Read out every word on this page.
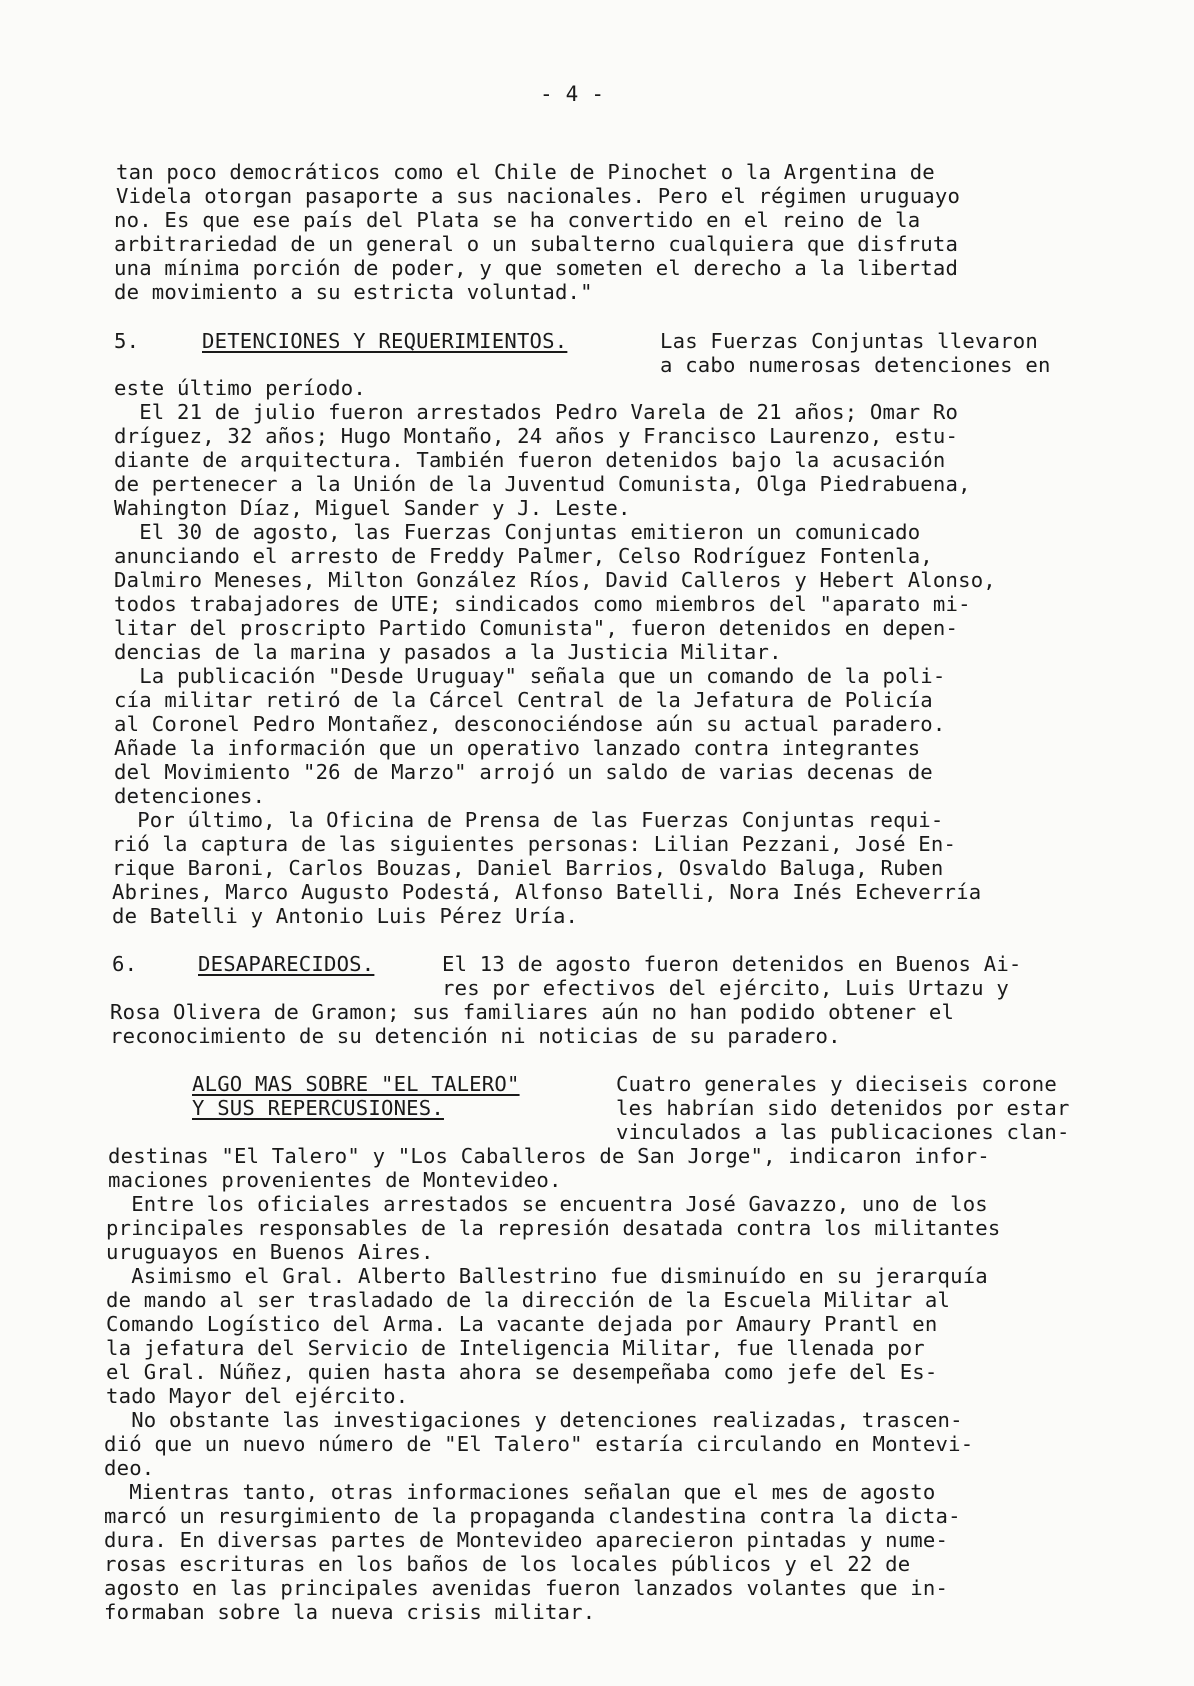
- 4 -
tan poco democráticos como el Chile de Pinochet o la Argentina de
Videla otorgan pasaporte a sus nacionales. Pero el régimen uruguayo
no. Es que ese país del Plata se ha convertido en el reino de la
arbitrariedad de un general o un subalterno cualquiera que disfruta
una mínima porción de poder, y que someten el derecho a la libertad
de movimiento a su estricta voluntad."
5.	DETENCIONES Y REQUERIMIENTOS.	Las Fuerzas Conjuntas llevaron
a cabo numerosas detenciones en
este último período.
El 21 de julio fueron arrestados Pedro Varela de 21 años; Omar Ro
dríguez, 32 años; Hugo Montaño, 24 años y Francisco Laurenzo, estu-
diante de arquitectura. También fueron detenidos bajo la acusación
de pertenecer a la Unión de la Juventud Comunista, Olga Piedrabuena,
Wahington Díaz, Miguel Sander y J. Leste.
El 30 de agosto, las Fuerzas Conjuntas emitieron un comunicado
anunciando el arresto de Freddy Palmer, Celso Rodríguez Fontenla,
Dalmiro Meneses, Milton González Ríos, David Calleros y Hebert Alonso,
todos trabajadores de UTE; sindicados como miembros del "aparato mi-
litar del proscripto Partido Comunista", fueron detenidos en depen-
dencias de la marina y pasados a la Justicia Militar.
La publicación "Desde Uruguay" señala que un comando de la poli-
cía militar retiró de la Cárcel Central de la Jefatura de Policía
al Coronel Pedro Montañez, desconociéndose aún su actual paradero.
Añade la información que un operativo lanzado contra integrantes
del Movimiento "26 de Marzo" arrojó un saldo de varias decenas de
detenciones.
Por último, la Oficina de Prensa de las Fuerzas Conjuntas requi-
rió la captura de las siguientes personas: Lilian Pezzani, José En-
rique Baroni, Carlos Bouzas, Daniel Barrios, Osvaldo Baluga, Ruben
Abrines, Marco Augusto Podestá, Alfonso Batelli, Nora Inés Echeverría
de Batelli y Antonio Luis Pérez Uría.
6.	DESAPARECIDOS.	El 13 de agosto fueron detenidos en Buenos Ai-
res por efectivos del ejército, Luis Urtazu y
Rosa Olivera de Gramon; sus familiares aún no han podido obtener el
reconocimiento de su detención ni noticias de su paradero.
ALGO MAS SOBRE "EL TALERO"
Y SUS REPERCUSIONES.
Cuatro generales y dieciseis corone
les habrían sido detenidos por estar
vinculados a las publicaciones clan-
destinas "El Talero" y "Los Caballeros de San Jorge", indicaron infor-
maciones provenientes de Montevideo.
Entre los oficiales arrestados se encuentra José Gavazzo, uno de los
principales responsables de la represión desatada contra los militantes
uruguayos en Buenos Aires.
Asimismo el Gral. Alberto Ballestrino fue disminuído en su jerarquía
de mando al ser trasladado de la dirección de la Escuela Militar al
Comando Logístico del Arma. La vacante dejada por Amaury Prantl en
la jefatura del Servicio de Inteligencia Militar, fue llenada por
el Gral. Núñez, quien hasta ahora se desempeñaba como jefe del Es-
tado Mayor del ejército.
No obstante las investigaciones y detenciones realizadas, trascen-
dió que un nuevo número de "El Talero" estaría circulando en Montevi-
deo.
Mientras tanto, otras informaciones señalan que el mes de agosto
marcó un resurgimiento de la propaganda clandestina contra la dicta-
dura. En diversas partes de Montevideo aparecieron pintadas y nume-
rosas escrituras en los baños de los locales públicos y el 22 de
agosto en las principales avenidas fueron lanzados volantes que in-
formaban sobre la nueva crisis militar.
